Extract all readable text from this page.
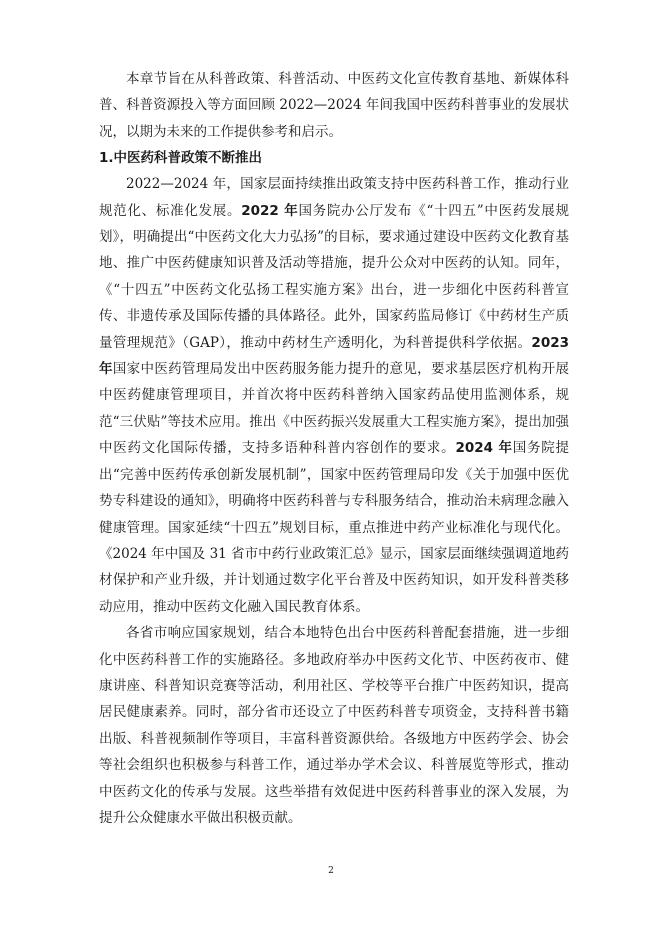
本章节旨在从科普政策、科普活动、中医药文化宣传教育基地、新媒体科普、科普资源投入等方面回顾 2022—2024 年间我国中医药科普事业的发展状况，以期为未来的工作提供参考和启示。

1.中医药科普政策不断推出

2022—2024 年，国家层面持续推出政策支持中医药科普工作，推动行业规范化、标准化发展。2022 年国务院办公厅发布《“十四五”中医药发展规划》，明确提出“中医药文化大力弘扬”的目标，要求通过建设中医药文化教育基地、推广中医药健康知识普及活动等措施，提升公众对中医药的认知。同年，《“十四五”中医药文化弘扬工程实施方案》出台，进一步细化中医药科普宣传、非遗传承及国际传播的具体路径。此外，国家药监局修订《中药材生产质量管理规范》（GAP），推动中药材生产透明化，为科普提供科学依据。2023 年国家中医药管理局发出中医药服务能力提升的意见，要求基层医疗机构开展中医药健康管理项目，并首次将中医药科普纳入国家药品使用监测体系，规范“三伏贴”等技术应用。推出《中医药振兴发展重大工程实施方案》，提出加强中医药文化国际传播，支持多语种科普内容创作的要求。2024 年国务院提出“完善中医药传承创新发展机制”，国家中医药管理局印发《关于加强中医优势专科建设的通知》，明确将中医药科普与专科服务结合，推动治未病理念融入健康管理。国家延续“十四五”规划目标，重点推进中药产业标准化与现代化。《2024 年中国及 31 省市中药行业政策汇总》显示，国家层面继续强调道地药材保护和产业升级，并计划通过数字化平台普及中医药知识，如开发科普类移动应用，推动中医药文化融入国民教育体系。

各省市响应国家规划，结合本地特色出台中医药科普配套措施，进一步细化中医药科普工作的实施路径。多地政府举办中医药文化节、中医药夜市、健康讲座、科普知识竞赛等活动，利用社区、学校等平台推广中医药知识，提高居民健康素养。同时，部分省市还设立了中医药科普专项资金，支持科普书籍出版、科普视频制作等项目，丰富科普资源供给。各级地方中医药学会、协会等社会组织也积极参与科普工作，通过举办学术会议、科普展览等形式，推动中医药文化的传承与发展。这些举措有效促进中医药科普事业的深入发展，为提升公众健康水平做出积极贡献。

2
